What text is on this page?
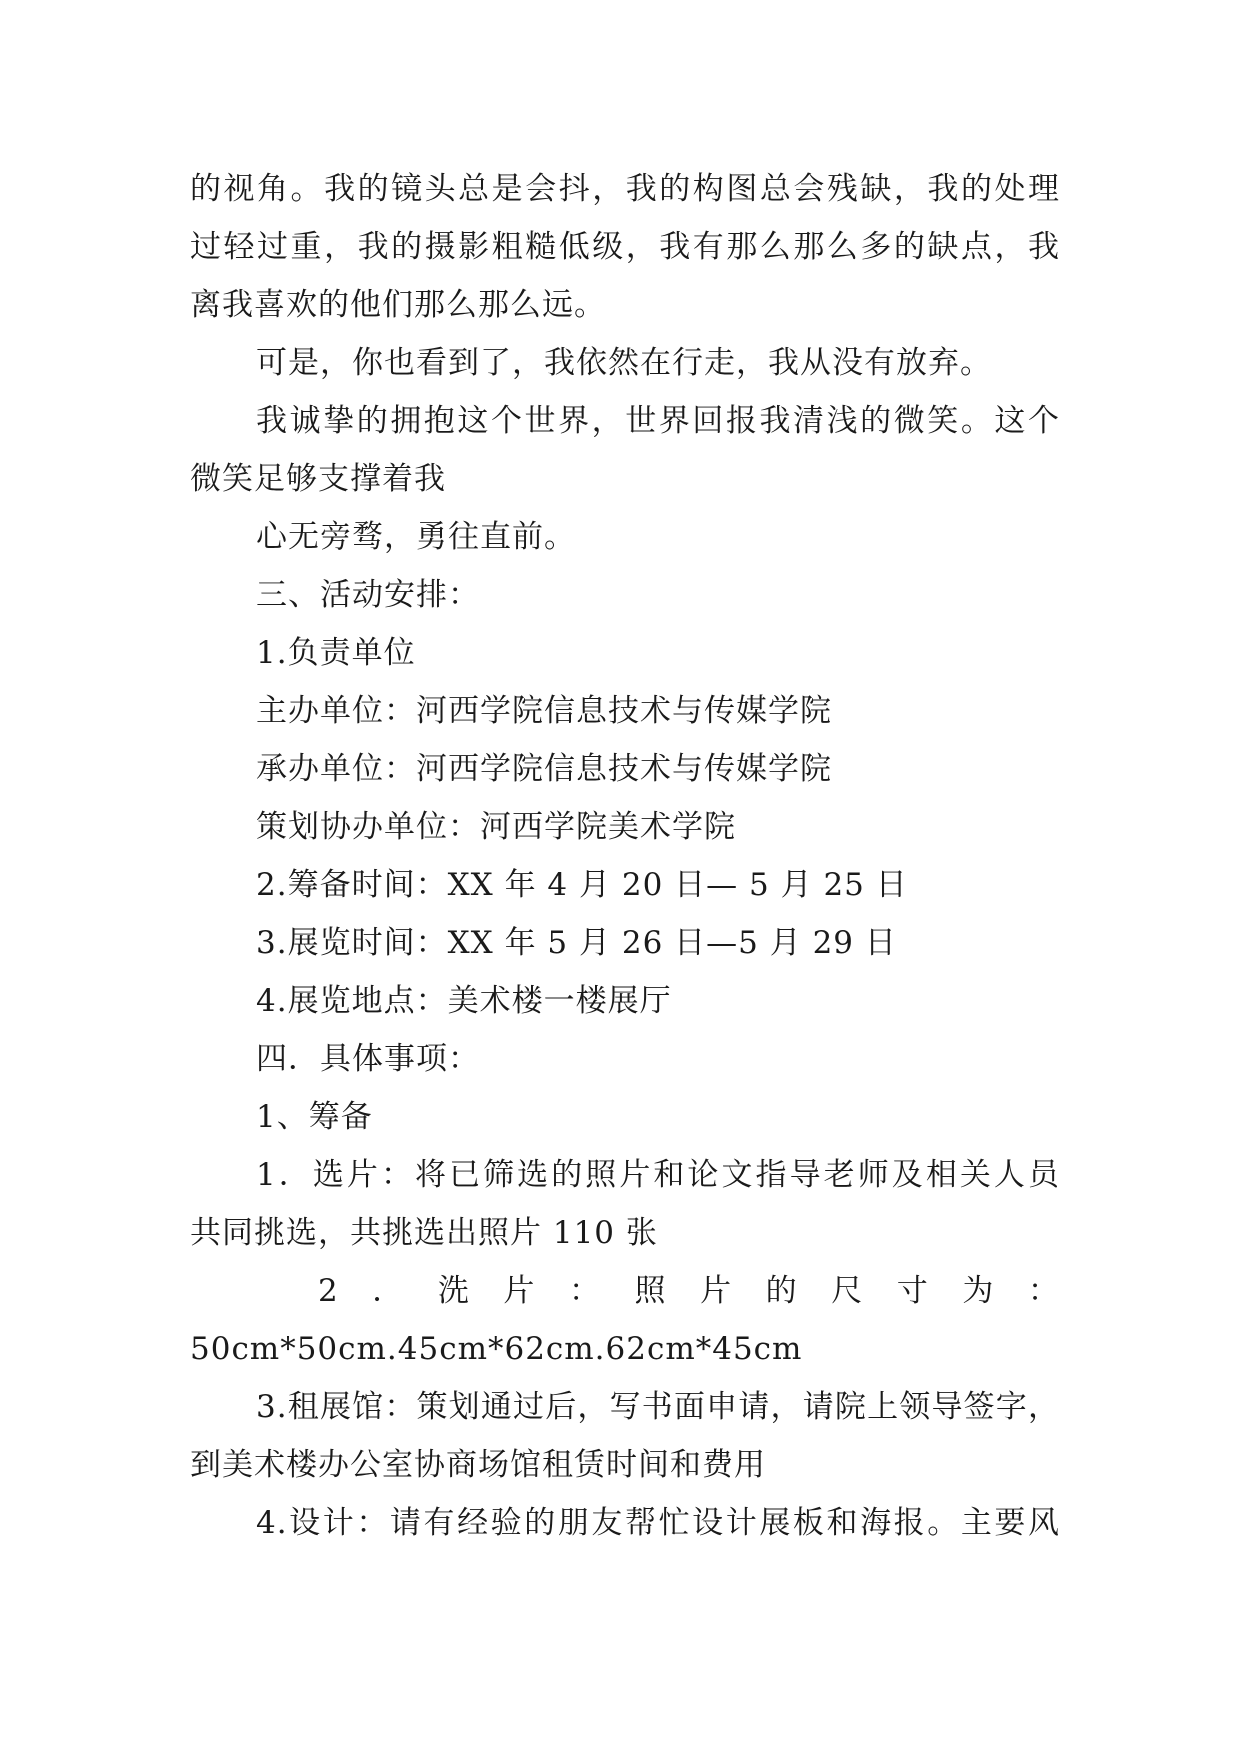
的视角。我的镜头总是会抖，我的构图总会残缺，我的处理
过轻过重，我的摄影粗糙低级，我有那么那么多的缺点，我
离我喜欢的他们那么那么远。
可是，你也看到了，我依然在行走，我从没有放弃。
我诚挚的拥抱这个世界，世界回报我清浅的微笑。这个
微笑足够支撑着我
心无旁骛，勇往直前。
三、活动安排：
1.负责单位
主办单位：河西学院信息技术与传媒学院
承办单位：河西学院信息技术与传媒学院
策划协办单位：河西学院美术学院
2.筹备时间：XX 年 4 月 20 日— 5 月 25 日
3.展览时间：XX 年 5 月 26 日—5 月 29 日
4.展览地点：美术楼一楼展厅
四．具体事项：
1、筹备
1．选片：将已筛选的照片和论文指导老师及相关人员
共同挑选，共挑选出照片 110 张
2 ． 洗 片 ： 照 片 的 尺 寸 为 ：
50cm*50cm.45cm*62cm.62cm*45cm
3.租展馆：策划通过后，写书面申请，请院上领导签字，
到美术楼办公室协商场馆租赁时间和费用
4.设计：请有经验的朋友帮忙设计展板和海报。主要风
